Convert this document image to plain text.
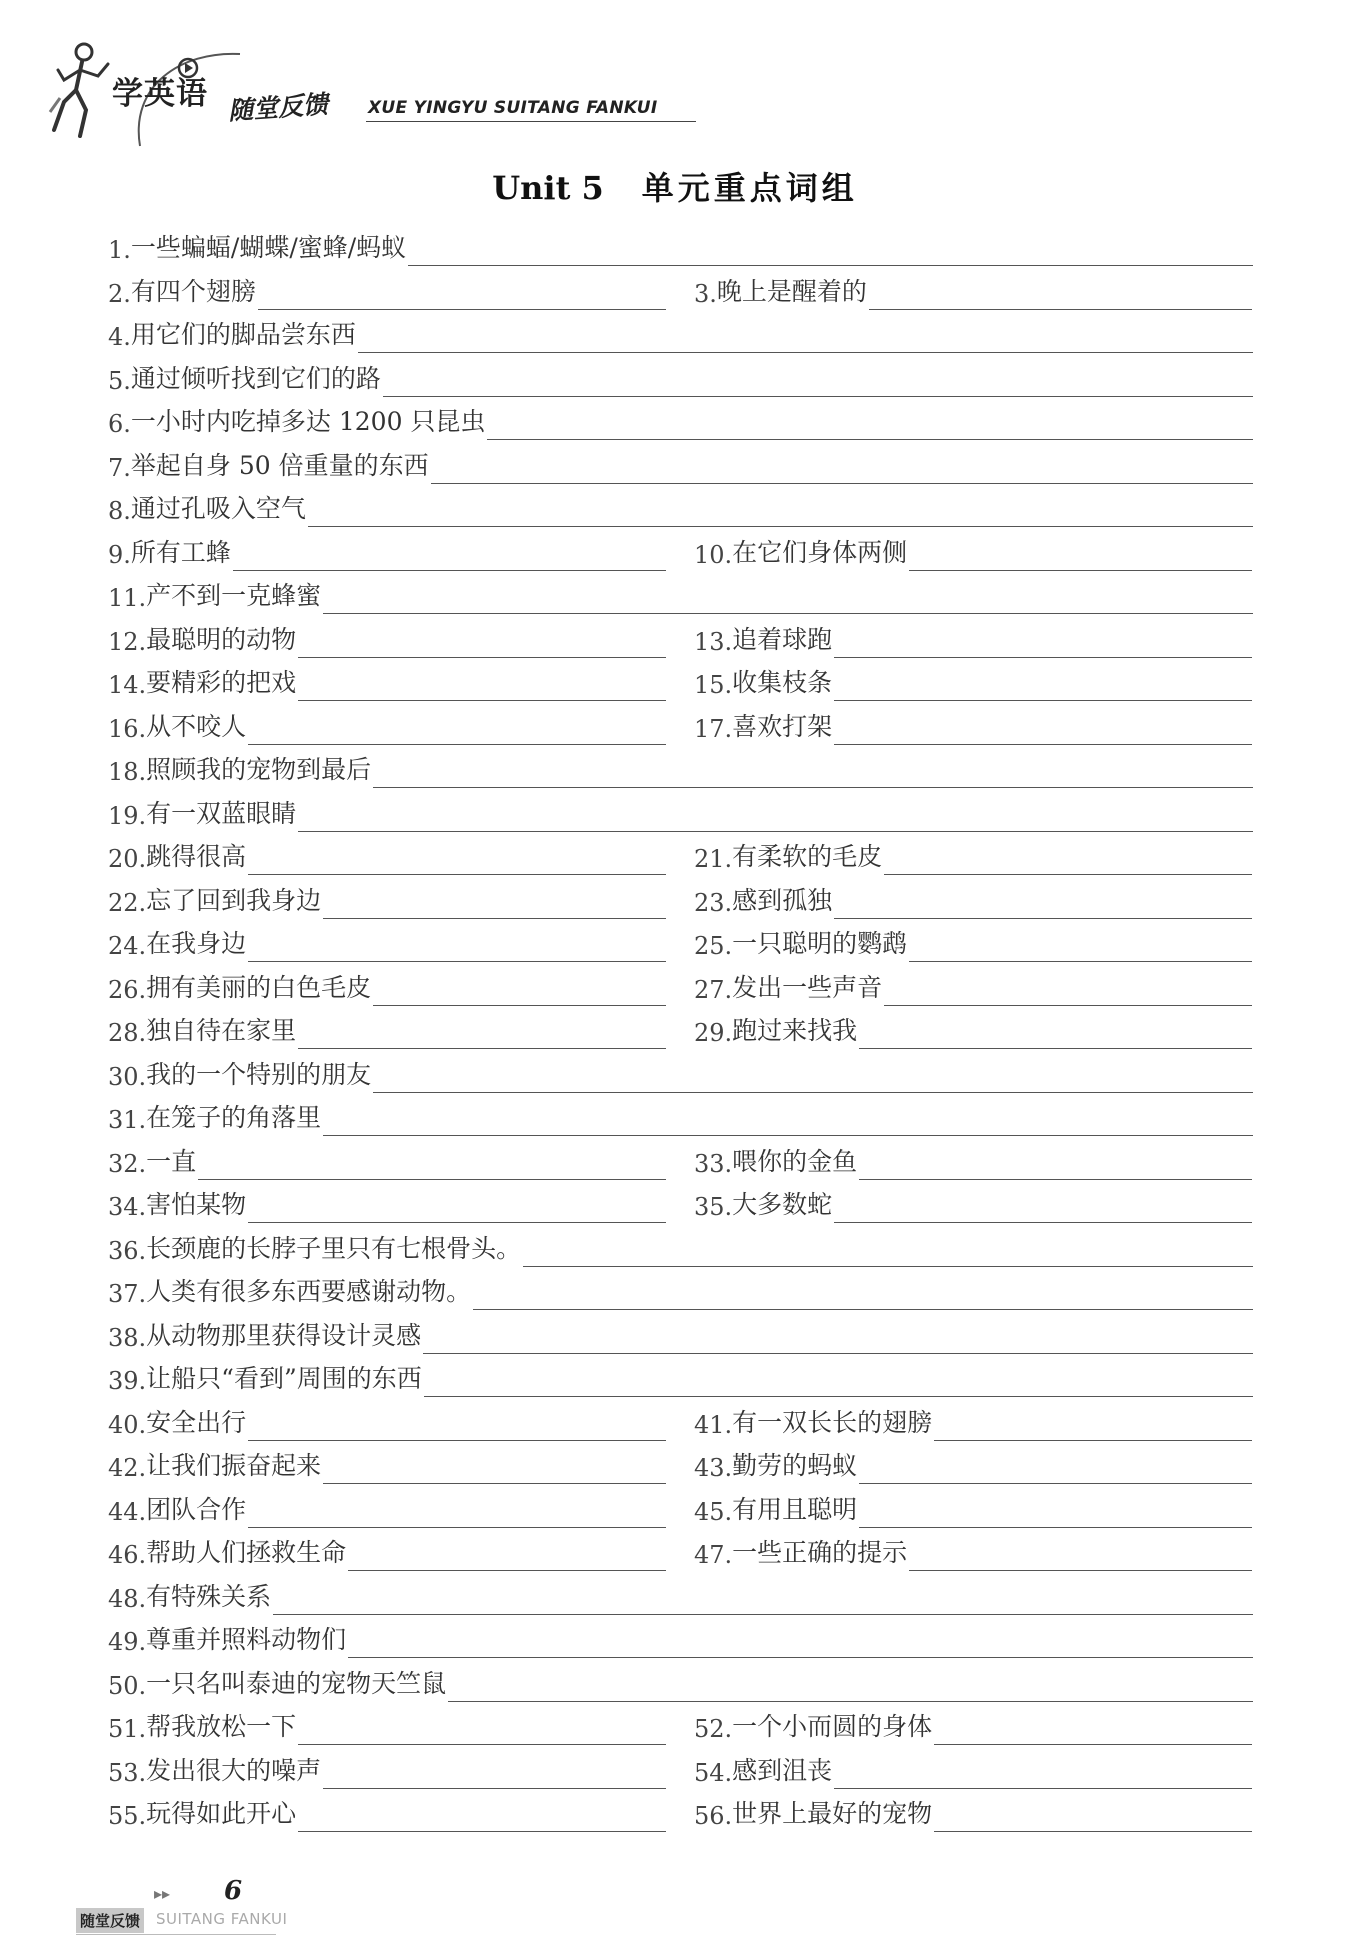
学英语 随堂反馈 XUE YINGYU SUITANG FANKUI
Unit 5 单元重点词组
1. 一些蝙蝠/蝴蝶/蜜蜂/蚂蚁
2. 有四个翅膀	3. 晚上是醒着的
4. 用它们的脚品尝东西
5. 通过倾听找到它们的路
6. 一小时内吃掉多达 1200 只昆虫
7. 举起自身 50 倍重量的东西
8. 通过孔吸入空气
9. 所有工蜂	10. 在它们身体两侧
11. 产不到一克蜂蜜
12. 最聪明的动物	13. 追着球跑
14. 要精彩的把戏	15. 收集枝条
16. 从不咬人	17. 喜欢打架
18. 照顾我的宠物到最后
19. 有一双蓝眼睛
20. 跳得很高	21. 有柔软的毛皮
22. 忘了回到我身边	23. 感到孤独
24. 在我身边	25. 一只聪明的鹦鹉
26. 拥有美丽的白色毛皮	27. 发出一些声音
28. 独自待在家里	29. 跑过来找我
30. 我的一个特别的朋友
31. 在笼子的角落里
32. 一直	33. 喂你的金鱼
34. 害怕某物	35. 大多数蛇
36. 长颈鹿的长脖子里只有七根骨头。
37. 人类有很多东西要感谢动物。
38. 从动物那里获得设计灵感
39. 让船只“看到”周围的东西
40. 安全出行	41. 有一双长长的翅膀
42. 让我们振奋起来	43. 勤劳的蚂蚁
44. 团队合作	45. 有用且聪明
46. 帮助人们拯救生命	47. 一些正确的提示
48. 有特殊关系
49. 尊重并照料动物们
50. 一只名叫泰迪的宠物天竺鼠
51. 帮我放松一下	52. 一个小而圆的身体
53. 发出很大的噪声	54. 感到沮丧
55. 玩得如此开心	56. 世界上最好的宠物
▸▸ 6
随堂反馈 SUITANG FANKUI
